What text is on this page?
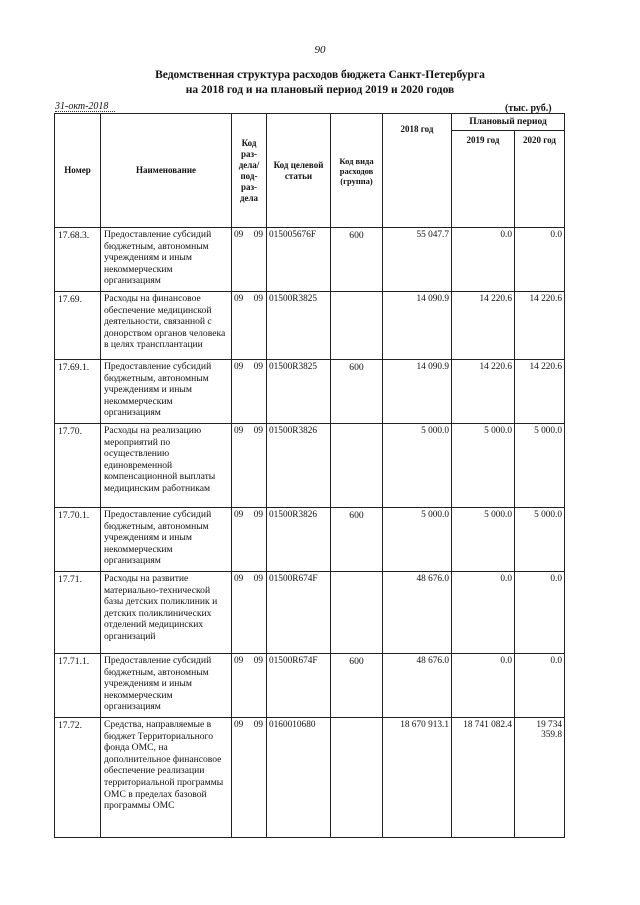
90
Ведомственная структура расходов бюджета Санкт-Петербурга
на 2018 год и на плановый период 2019 и 2020 годов
31-окт-2018	(тыс. руб.)
Номер	Наименование	Код раз-дела/ под-раз-дела	Код целевой статьи	Код вида расходов (группа)	2018 год	Плановый период	
						2019 год	2020 год
17.68.3.	Предоставление субсидий бюджетным, автономным учреждениям и иным некоммерческим организациям	09 09	015005676F	600	55 047.7	0.0	0.0
17.69.	Расходы на финансовое обеспечение медицинской деятельности, связанной с донорством органов человека в целях трансплантации	09 09	01500R3825		14 090.9	14 220.6	14 220.6
17.69.1.	Предоставление субсидий бюджетным, автономным учреждениям и иным некоммерческим организациям	09 09	01500R3825	600	14 090.9	14 220.6	14 220.6
17.70.	Расходы на реализацию мероприятий по осуществлению единовременной компенсационной выплаты медицинским работникам	09 09	01500R3826		5 000.0	5 000.0	5 000.0
17.70.1.	Предоставление субсидий бюджетным, автономным учреждениям и иным некоммерческим организациям	09 09	01500R3826	600	5 000.0	5 000.0	5 000.0
17.71.	Расходы на развитие материально-технической базы детских поликлиник и детских поликлинических отделений медицинских организаций	09 09	01500R674F		48 676.0	0.0	0.0
17.71.1.	Предоставление субсидий бюджетным, автономным учреждениям и иным некоммерческим организациям	09 09	01500R674F	600	48 676.0	0.0	0.0
17.72.	Средства, направляемые в бюджет Территориального фонда ОМС, на дополнительное финансовое обеспечение реализации территориальной программы ОМС в пределах базовой программы ОМС	09 09	0160010680		18 670 913.1	18 741 082.4	19 734 359.8
